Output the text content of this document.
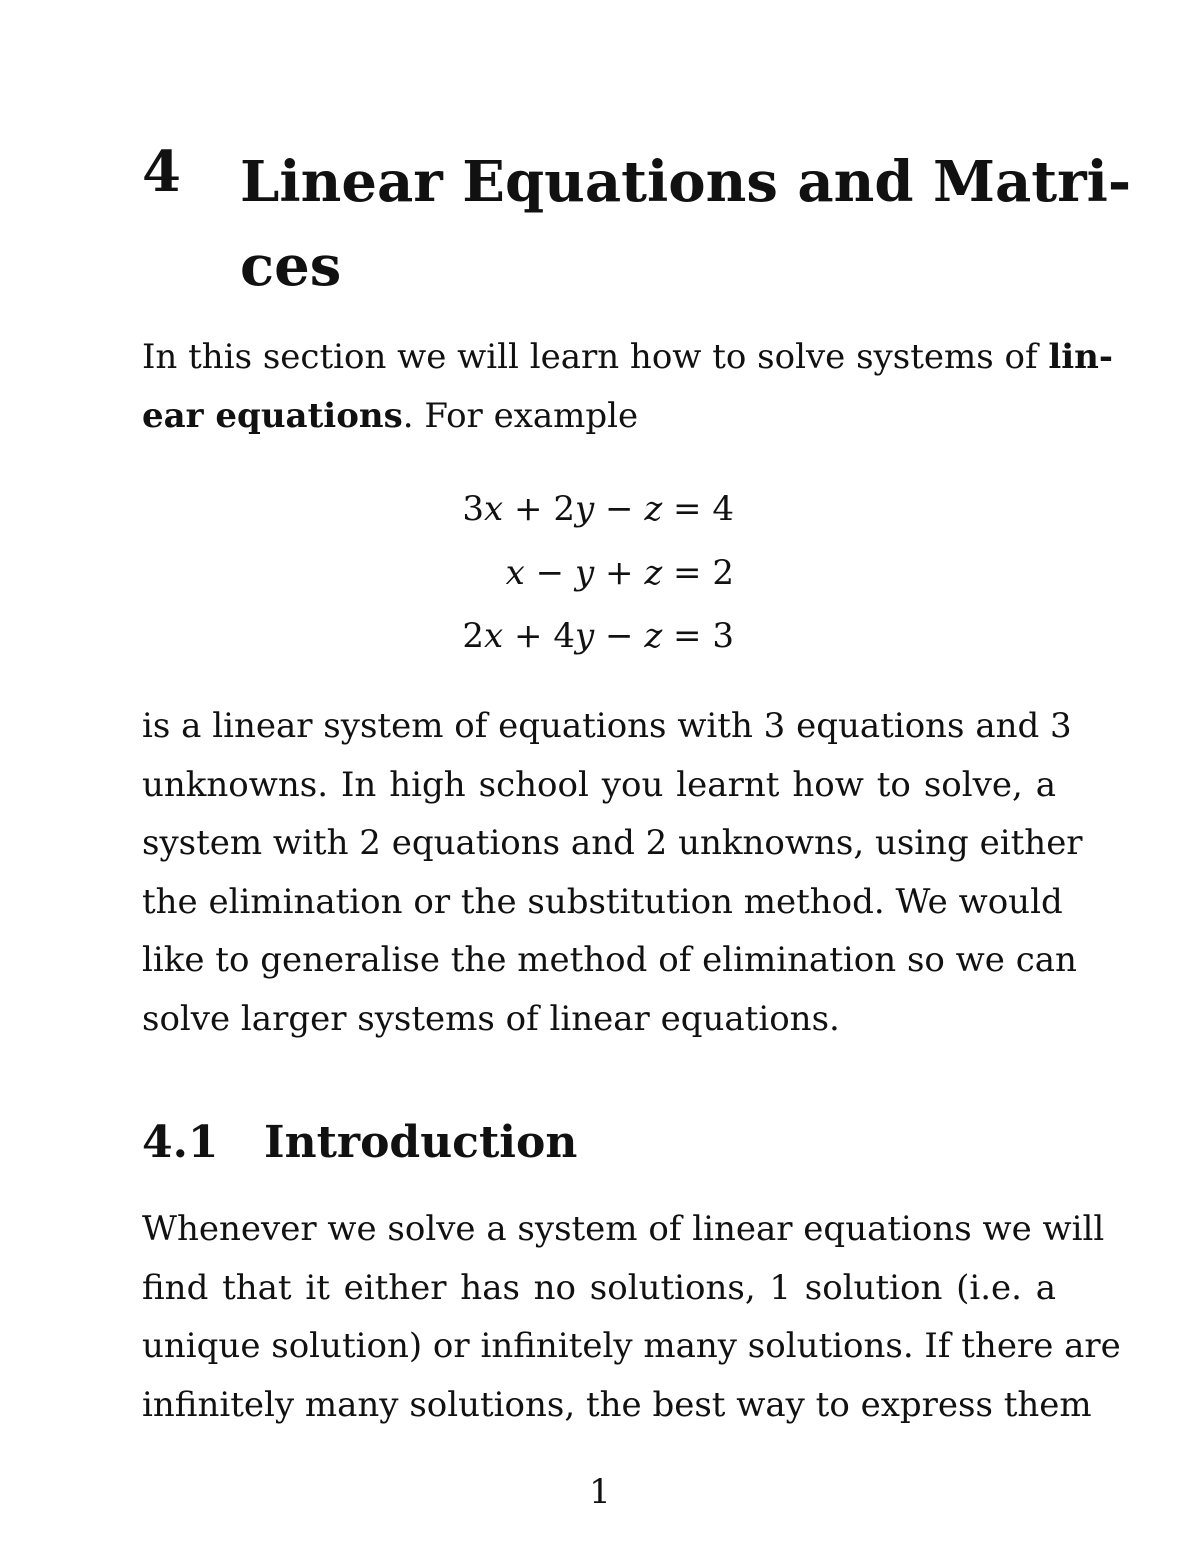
4 Linear Equations and Matri-
ces

In this section we will learn how to solve systems of lin-
ear equations. For example

3x + 2y − z = 4
x − y + z = 2
2x + 4y − z = 3

is a linear system of equations with 3 equations and 3
unknowns. In high school you learnt how to solve, a
system with 2 equations and 2 unknowns, using either
the elimination or the substitution method. We would
like to generalise the method of elimination so we can
solve larger systems of linear equations.

4.1 Introduction

Whenever we solve a system of linear equations we will
find that it either has no solutions, 1 solution (i.e. a
unique solution) or infinitely many solutions. If there are
infinitely many solutions, the best way to express them

1
